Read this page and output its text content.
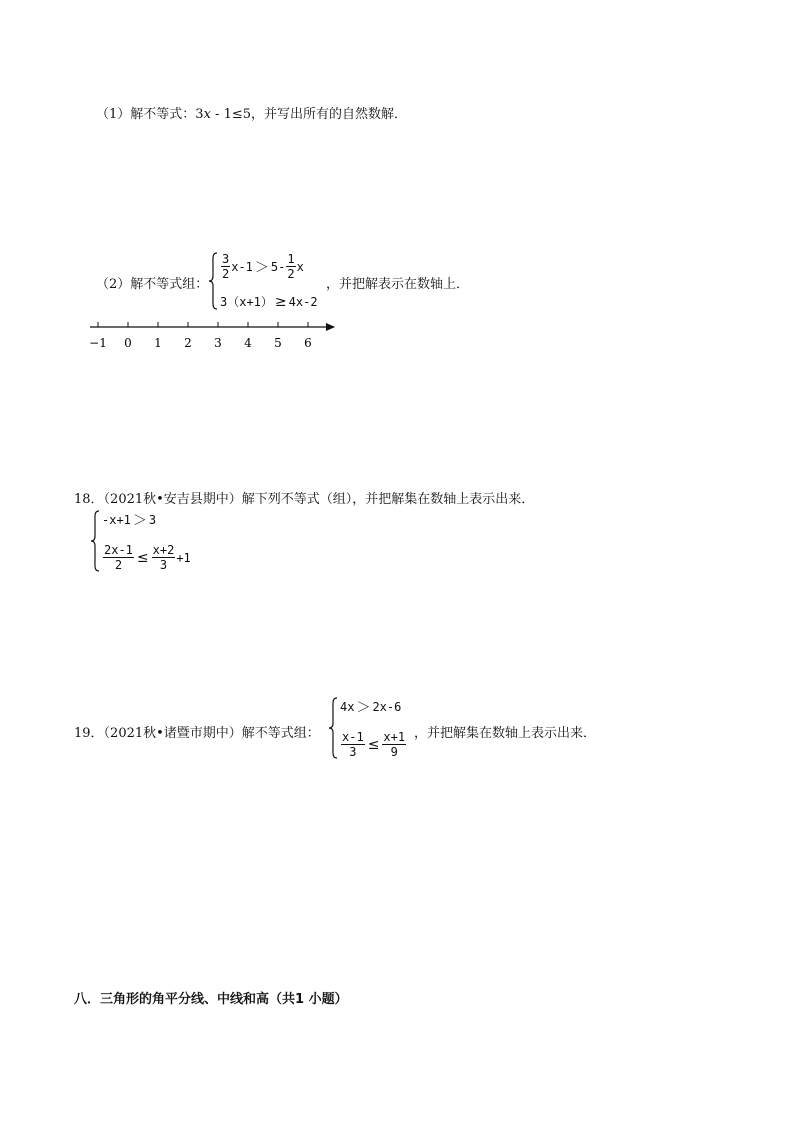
（1）解不等式：3x - 1≤5，并写出所有的自然数解．
（2）解不等式组：
$\frac{3}{2} x-1 > 5- \frac{1}{2}$ x
3（x+1） ≥ 4x-2
，并把解表示在数轴上．
−1 0 1 2 3 4 5 6
18．（2021秋•安吉县期中）解下列不等式（组），并把解集在数轴上表示出来．
-x+1 ＞ 3
$\frac{2x-1}{2} \le \frac{x+2}{3} +1$
19．（2021秋•诸暨市期中）解不等式组：
4x ＞ 2x-6
$\frac{x-1}{3} \le \frac{x+1}{9}$ ，并把解集在数轴上表示出来．
八．三角形的角平分线、中线和高（共1 小题）
